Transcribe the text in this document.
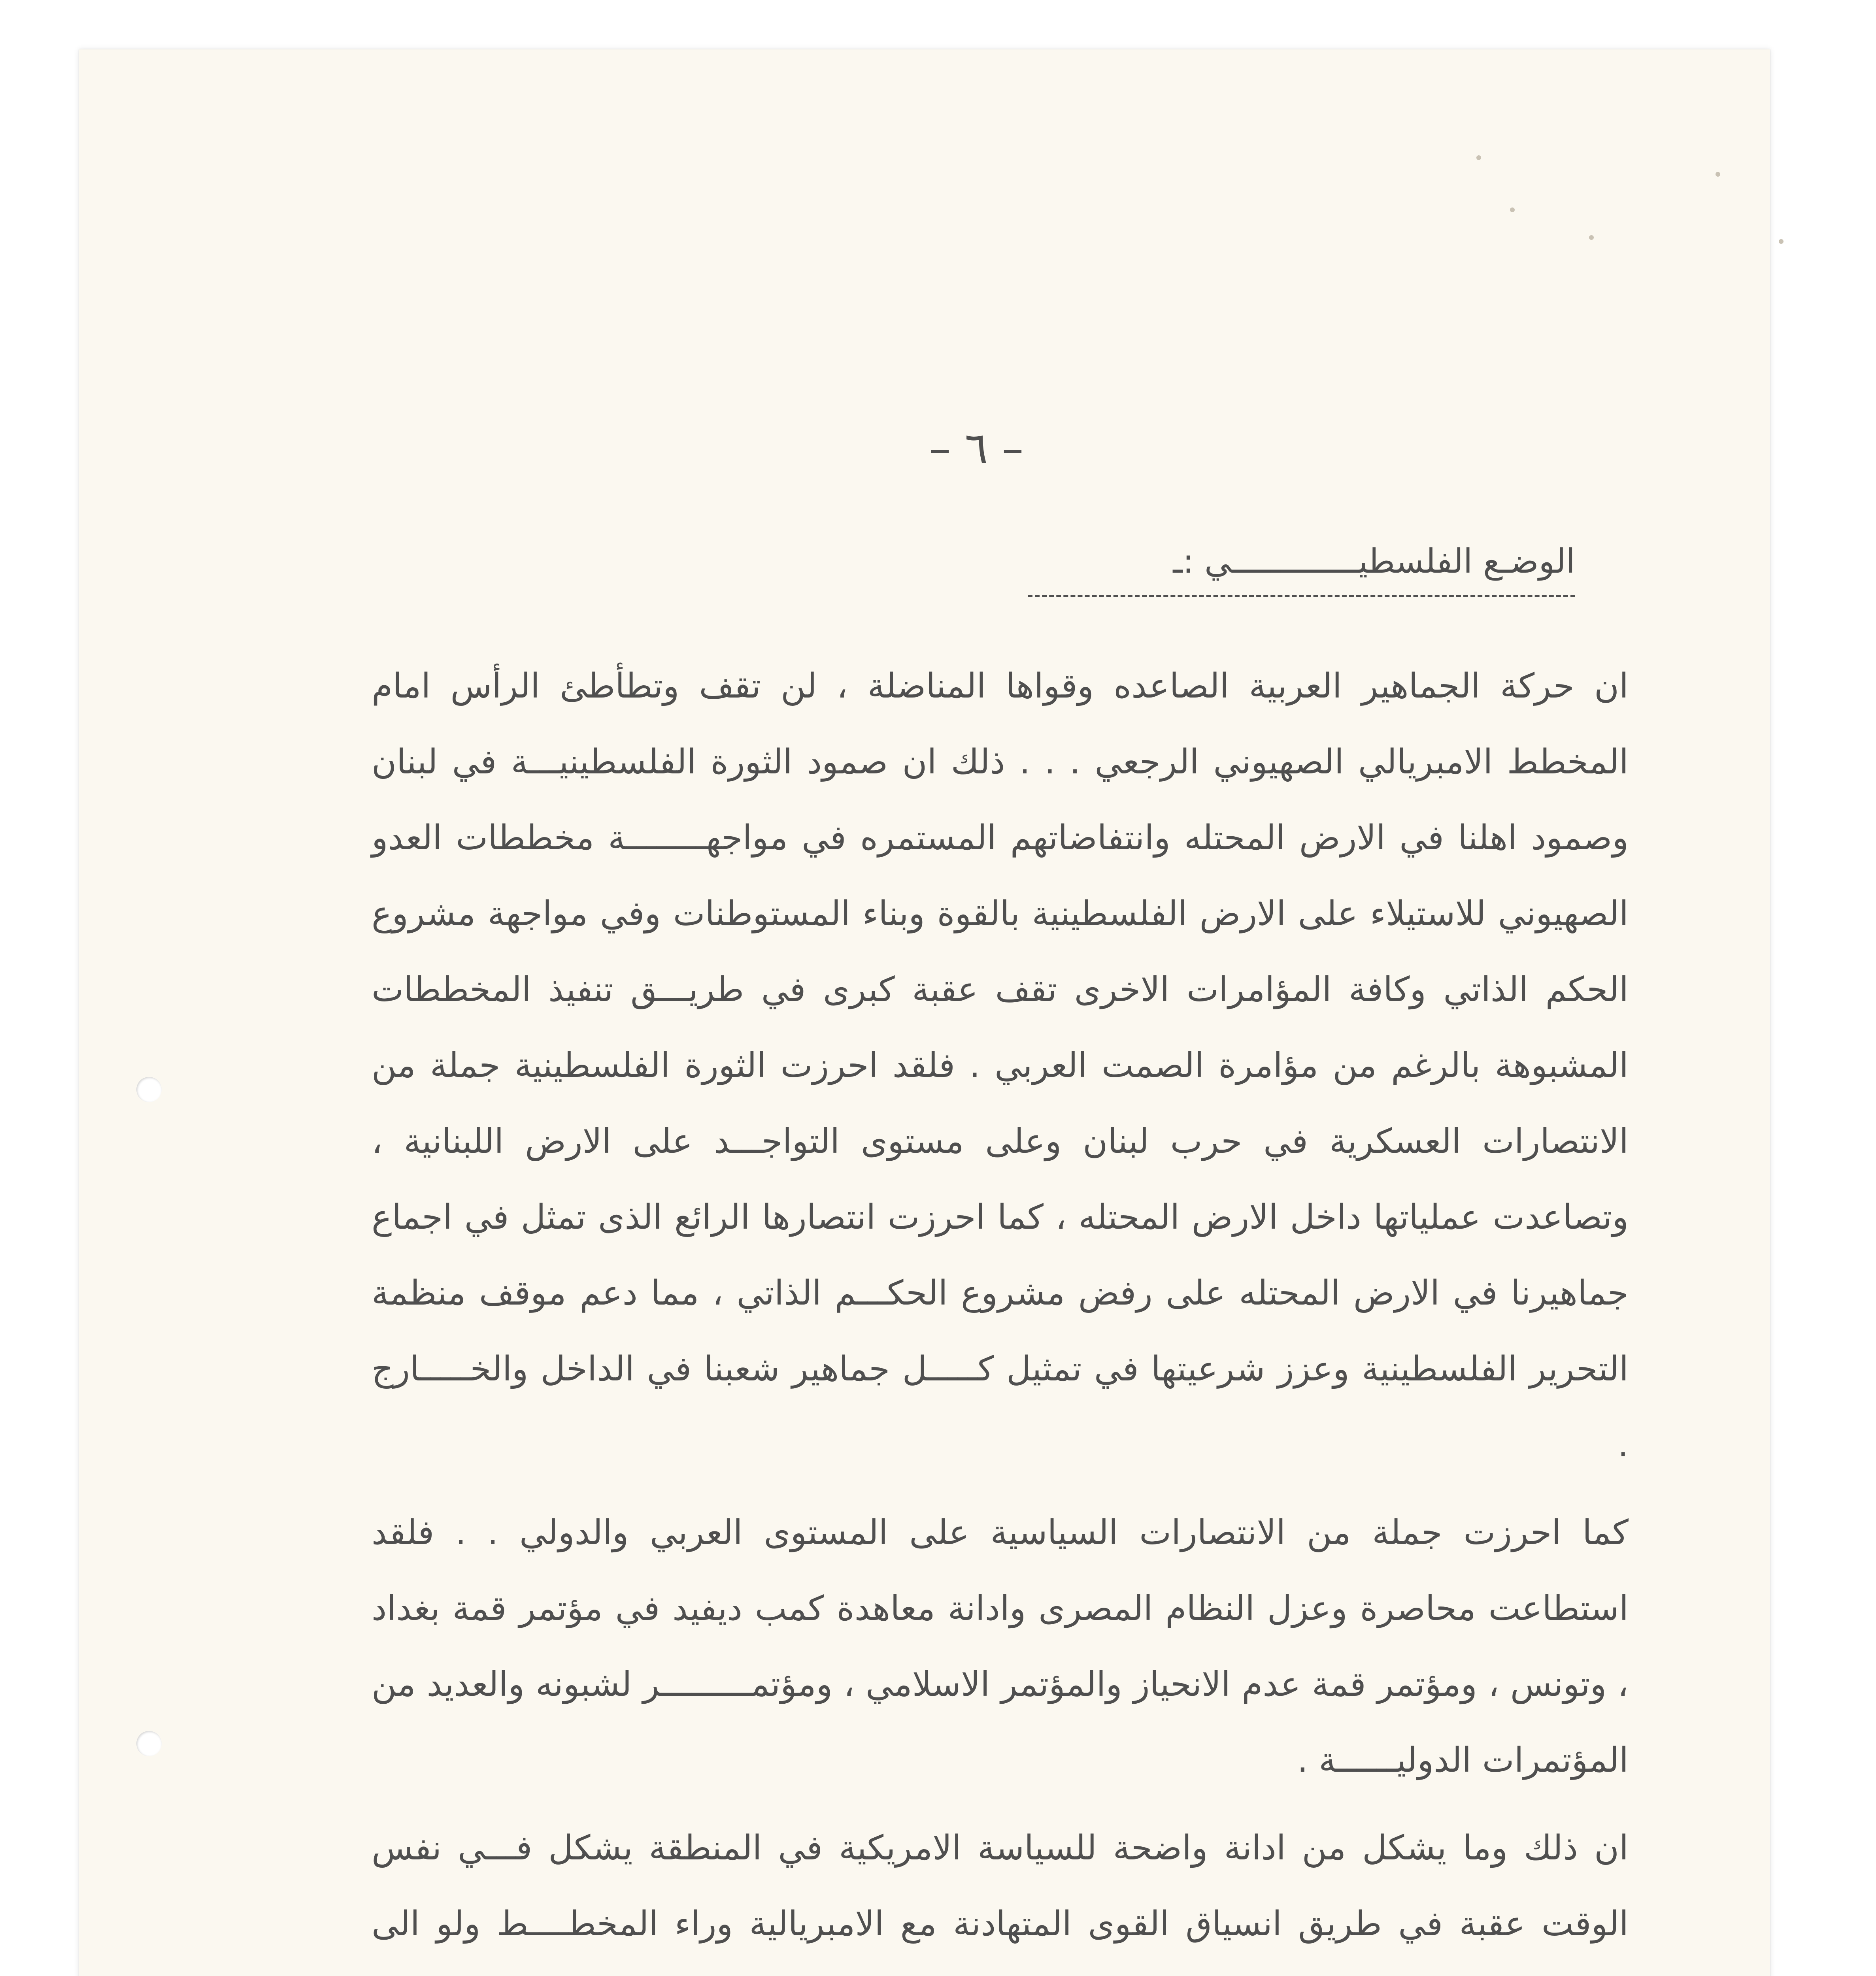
– ٦ –
الوضـع الفلسطيـــــــــــــي :ـ

ان حركة الجماهير العربية الصاعده وقواها المناضلة ، لن تقف وتطأطئ الرأس امام المخطط الامبريالي الصهيوني الرجعي . . . ذلك ان صمود الثورة الفلسطينيـــة في لبنان وصمود اهلنا في الارض المحتله وانتفاضاتهم المستمره في مواجهــــــــة مخططات العدو الصهيوني للاستيلاء على الارض الفلسطينية بالقوة وبناء المستوطنات وفي مواجهة مشروع الحكم الذاتي وكافة المؤامرات الاخرى تقف عقبة كبرى في طريـــق تنفيذ المخططات المشبوهة بالرغم من مؤامرة الصمت العربي . فلقد احرزت الثورة الفلسطينية جملة من الانتصارات العسكرية في حرب لبنان وعلى مستوى التواجـــد على الارض اللبنانية ، وتصاعدت عملياتها داخل الارض المحتله ، كما احرزت انتصارها الرائع الذى تمثل في اجماع جماهيرنا في الارض المحتله على رفض مشروع الحكـــم الذاتي ، مما دعم موقف منظمة التحرير الفلسطينية وعزز شرعيتها في تمثيل كـــــل جماهير شعبنا في الداخل والخـــــارج .

كما احرزت جملة من الانتصارات السياسية على المستوى العربي والدولي . . فلقد استطاعت محاصرة وعزل النظام المصرى وادانة معاهدة كمب ديفيد في مؤتمر قمة بغداد ، وتونس ، ومؤتمر قمة عدم الانحياز والمؤتمر الاسلامي ، ومؤتمـــــــــر لشبونه والعديد من المؤتمرات الدوليــــــة .

ان ذلك وما يشكل من ادانة واضحة للسياسة الامريكية في المنطقة يشكل فـــي نفس الوقت عقبة في طريق انسياق القوى المتهادنة مع الامبريالية وراء المخطــــط ولو الى
